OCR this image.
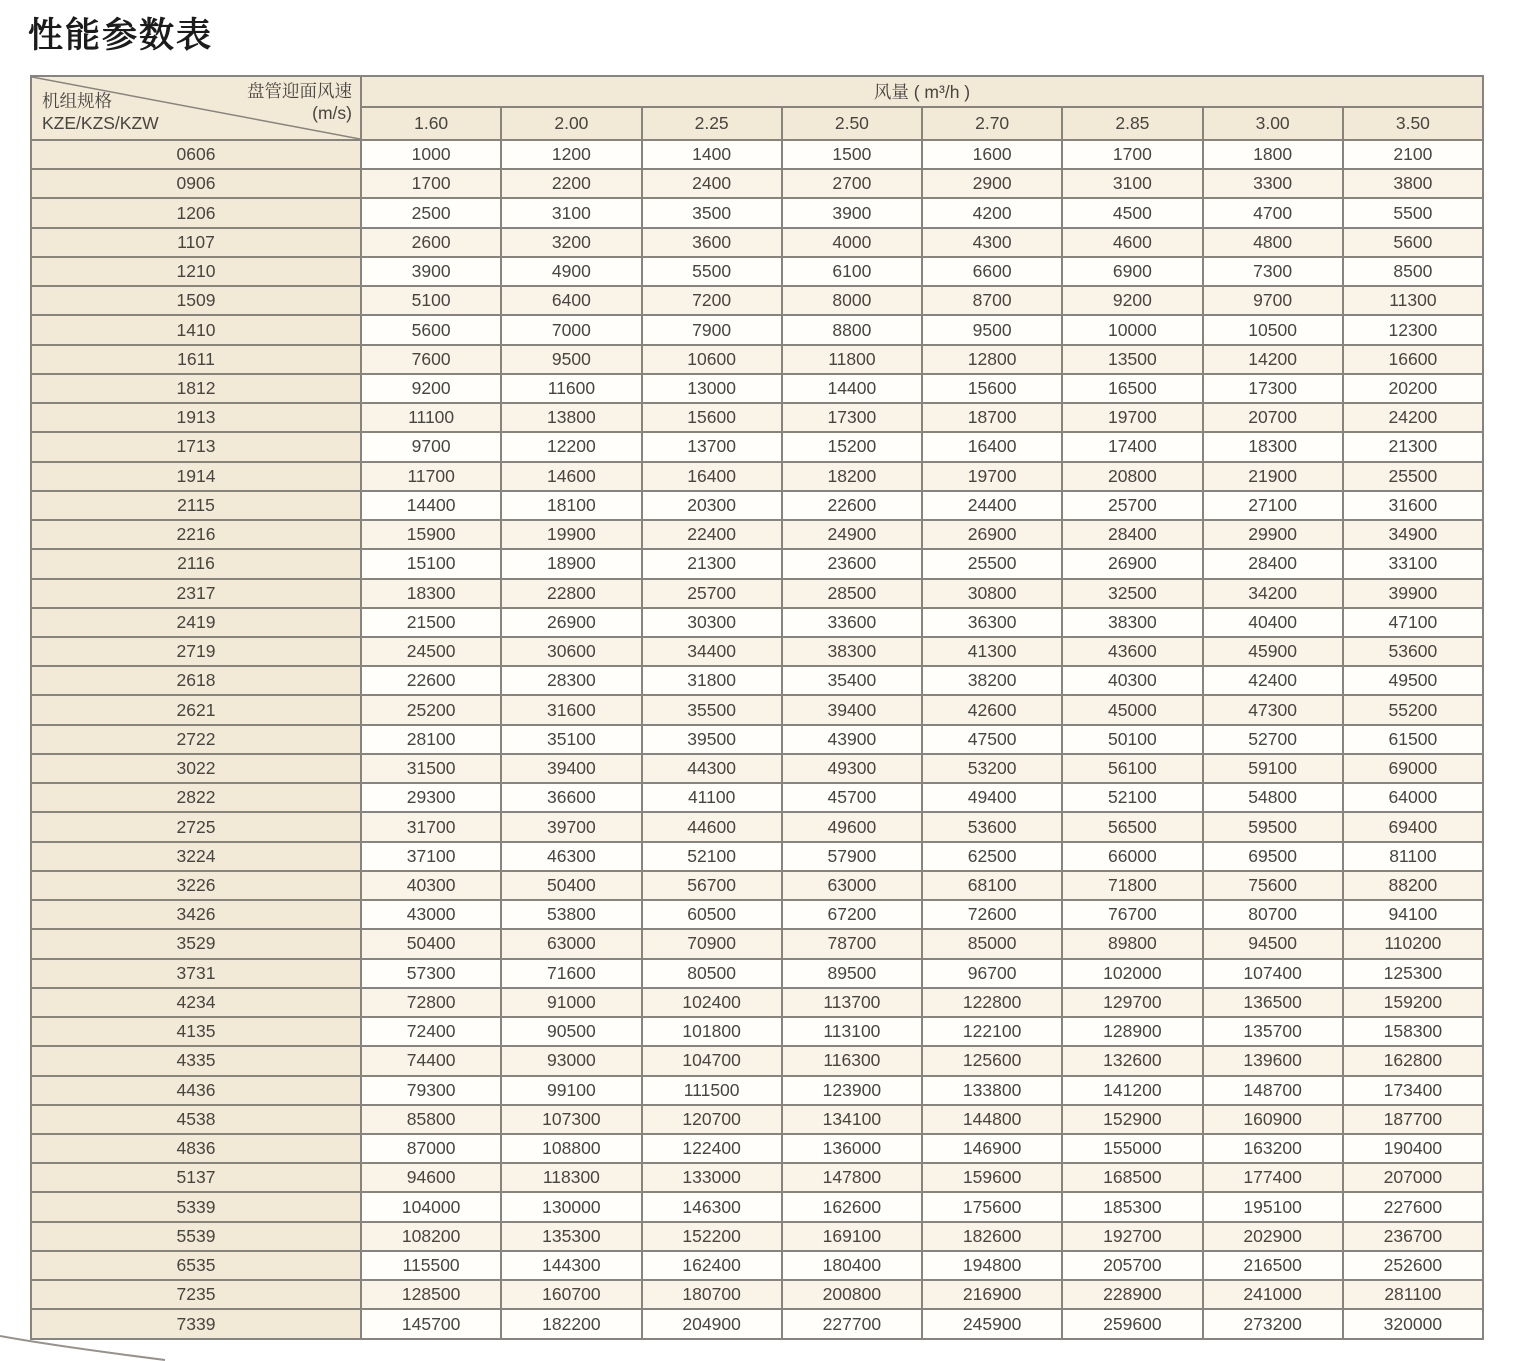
性能参数表
盘管迎面风速
(m/s)
机组规格
KZE/KZS/KZW	风量 ( m³/h )							
	1.60	2.00	2.25	2.50	2.70	2.85	3.00	3.50
0606	1000	1200	1400	1500	1600	1700	1800	2100
0906	1700	2200	2400	2700	2900	3100	3300	3800
1206	2500	3100	3500	3900	4200	4500	4700	5500
1107	2600	3200	3600	4000	4300	4600	4800	5600
1210	3900	4900	5500	6100	6600	6900	7300	8500
1509	5100	6400	7200	8000	8700	9200	9700	11300
1410	5600	7000	7900	8800	9500	10000	10500	12300
1611	7600	9500	10600	11800	12800	13500	14200	16600
1812	9200	11600	13000	14400	15600	16500	17300	20200
1913	11100	13800	15600	17300	18700	19700	20700	24200
1713	9700	12200	13700	15200	16400	17400	18300	21300
1914	11700	14600	16400	18200	19700	20800	21900	25500
2115	14400	18100	20300	22600	24400	25700	27100	31600
2216	15900	19900	22400	24900	26900	28400	29900	34900
2116	15100	18900	21300	23600	25500	26900	28400	33100
2317	18300	22800	25700	28500	30800	32500	34200	39900
2419	21500	26900	30300	33600	36300	38300	40400	47100
2719	24500	30600	34400	38300	41300	43600	45900	53600
2618	22600	28300	31800	35400	38200	40300	42400	49500
2621	25200	31600	35500	39400	42600	45000	47300	55200
2722	28100	35100	39500	43900	47500	50100	52700	61500
3022	31500	39400	44300	49300	53200	56100	59100	69000
2822	29300	36600	41100	45700	49400	52100	54800	64000
2725	31700	39700	44600	49600	53600	56500	59500	69400
3224	37100	46300	52100	57900	62500	66000	69500	81100
3226	40300	50400	56700	63000	68100	71800	75600	88200
3426	43000	53800	60500	67200	72600	76700	80700	94100
3529	50400	63000	70900	78700	85000	89800	94500	110200
3731	57300	71600	80500	89500	96700	102000	107400	125300
4234	72800	91000	102400	113700	122800	129700	136500	159200
4135	72400	90500	101800	113100	122100	128900	135700	158300
4335	74400	93000	104700	116300	125600	132600	139600	162800
4436	79300	99100	111500	123900	133800	141200	148700	173400
4538	85800	107300	120700	134100	144800	152900	160900	187700
4836	87000	108800	122400	136000	146900	155000	163200	190400
5137	94600	118300	133000	147800	159600	168500	177400	207000
5339	104000	130000	146300	162600	175600	185300	195100	227600
5539	108200	135300	152200	169100	182600	192700	202900	236700
6535	115500	144300	162400	180400	194800	205700	216500	252600
7235	128500	160700	180700	200800	216900	228900	241000	281100
7339	145700	182200	204900	227700	245900	259600	273200	320000
